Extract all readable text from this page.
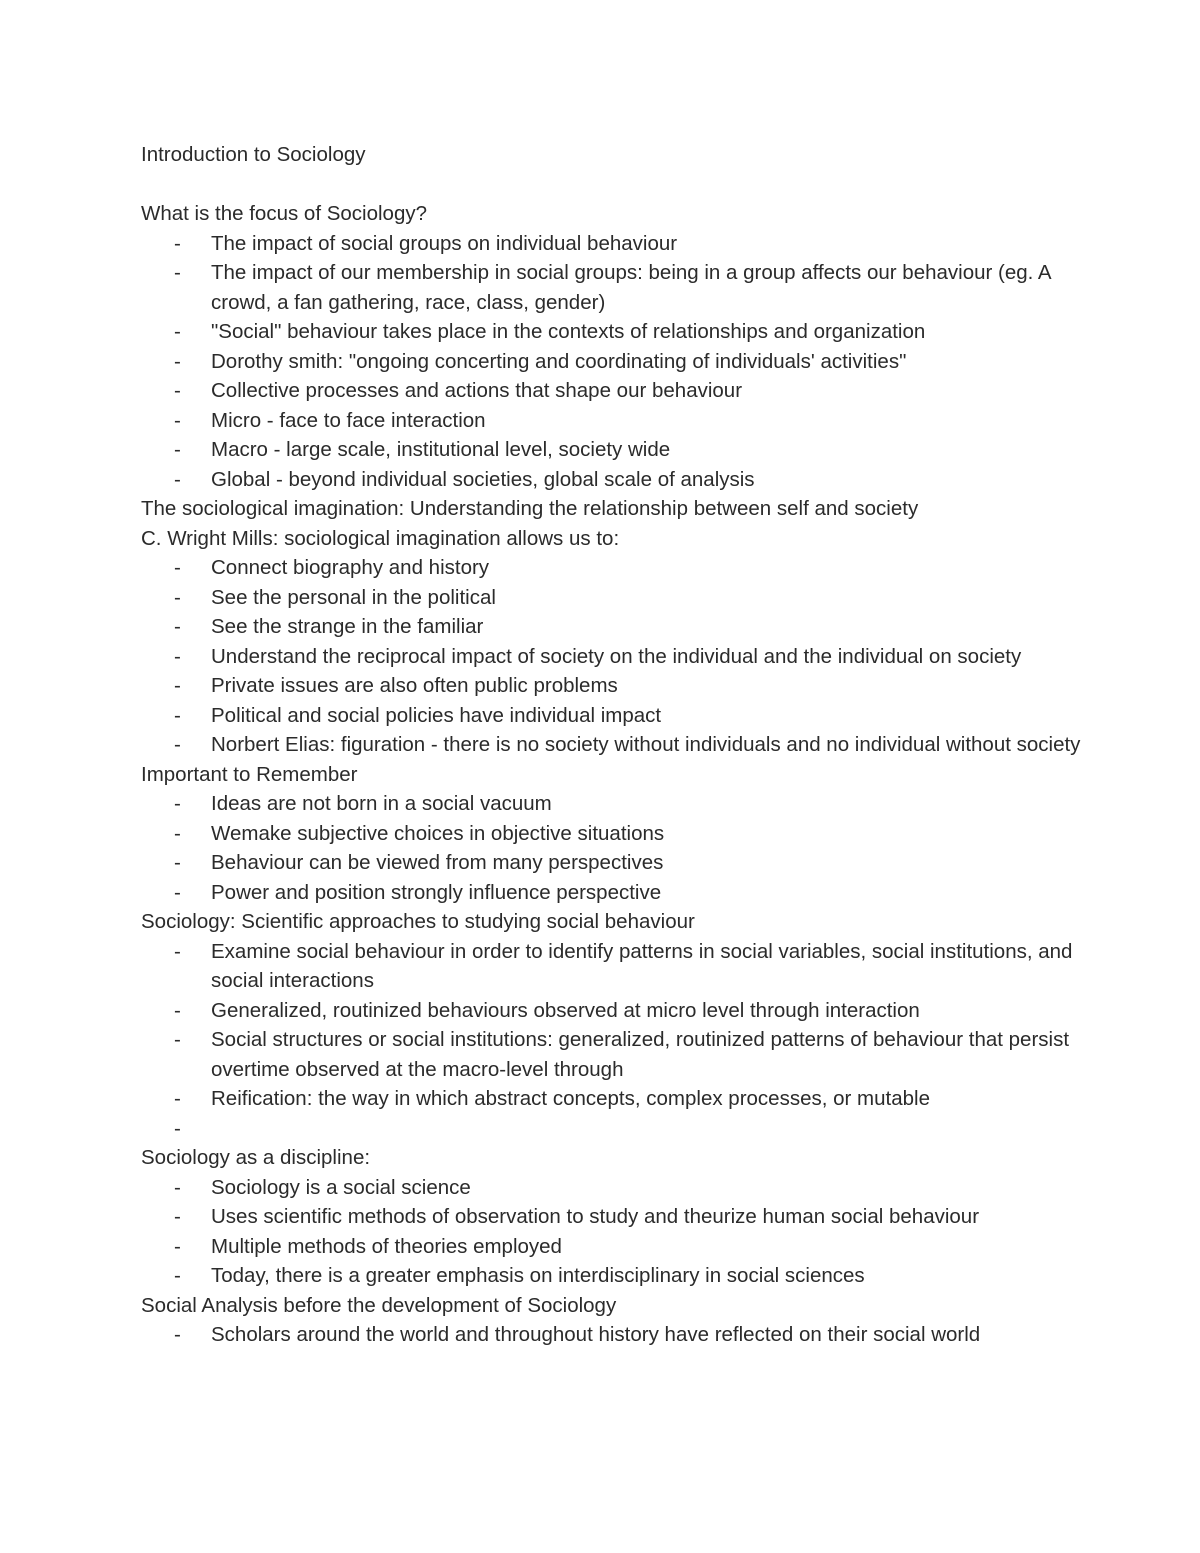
Introduction to Sociology

What is the focus of Sociology?

- The impact of social groups on individual behaviour
- The impact of our membership in social groups: being in a group affects our behaviour (eg. A crowd, a fan gathering, race, class, gender)
- "Social" behaviour takes place in the contexts of relationships and organization
- Dorothy smith: "ongoing concerting and coordinating of individuals' activities"
- Collective processes and actions that shape our behaviour
- Micro - face to face interaction
- Macro - large scale, institutional level, society wide
- Global - beyond individual societies, global scale of analysis

The sociological imagination: Understanding the relationship between self and society

C. Wright Mills: sociological imagination allows us to:

- Connect biography and history
- See the personal in the political
- See the strange in the familiar
- Understand the reciprocal impact of society on the individual and the individual on society
- Private issues are also often public problems
- Political and social policies have individual impact
- Norbert Elias: figuration - there is no society without individuals and no individual without society

Important to Remember

- Ideas are not born in a social vacuum
- Wemake subjective choices in objective situations
- Behaviour can be viewed from many perspectives
- Power and position strongly influence perspective

Sociology: Scientific approaches to studying social behaviour

- Examine social behaviour in order to identify patterns in social variables, social institutions, and social interactions
- Generalized, routinized behaviours observed at micro level through interaction
- Social structures or social institutions: generalized, routinized patterns of behaviour that persist overtime observed at the macro-level through
- Reification: the way in which abstract concepts, complex processes, or mutable
-

Sociology as a discipline:

- Sociology is a social science
- Uses scientific methods of observation to study and theurize human social behaviour
- Multiple methods of theories employed
- Today, there is a greater emphasis on interdisciplinary in social sciences

Social Analysis before the development of Sociology

- Scholars around the world and throughout history have reflected on their social world
